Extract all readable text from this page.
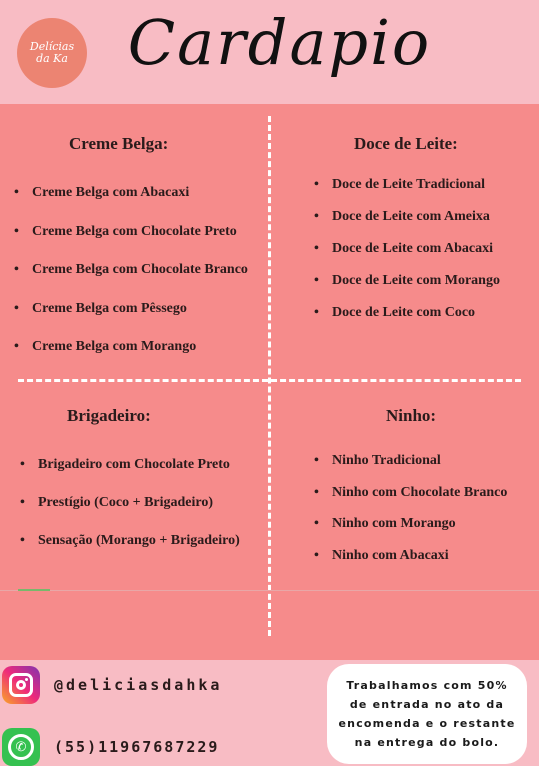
Delícias
da Ka Cardapio
Creme Belga:
• Creme Belga com Abacaxi
• Creme Belga com Chocolate Preto
• Creme Belga com Chocolate Branco
• Creme Belga com Pêssego
• Creme Belga com Morango
Doce de Leite:
• Doce de Leite Tradicional
• Doce de Leite com Ameixa
• Doce de Leite com Abacaxi
• Doce de Leite com Morango
• Doce de Leite com Coco
Brigadeiro:
• Brigadeiro com Chocolate Preto
• Prestígio (Coco + Brigadeiro)
• Sensação (Morango + Brigadeiro)
Ninho:
• Ninho Tradicional
• Ninho com Chocolate Branco
• Ninho com Morango
• Ninho com Abacaxi
@deliciasdahka
✆	(55)11967687229
Trabalhamos com 50% de entrada no ato da encomenda e o restante na entrega do bolo.
